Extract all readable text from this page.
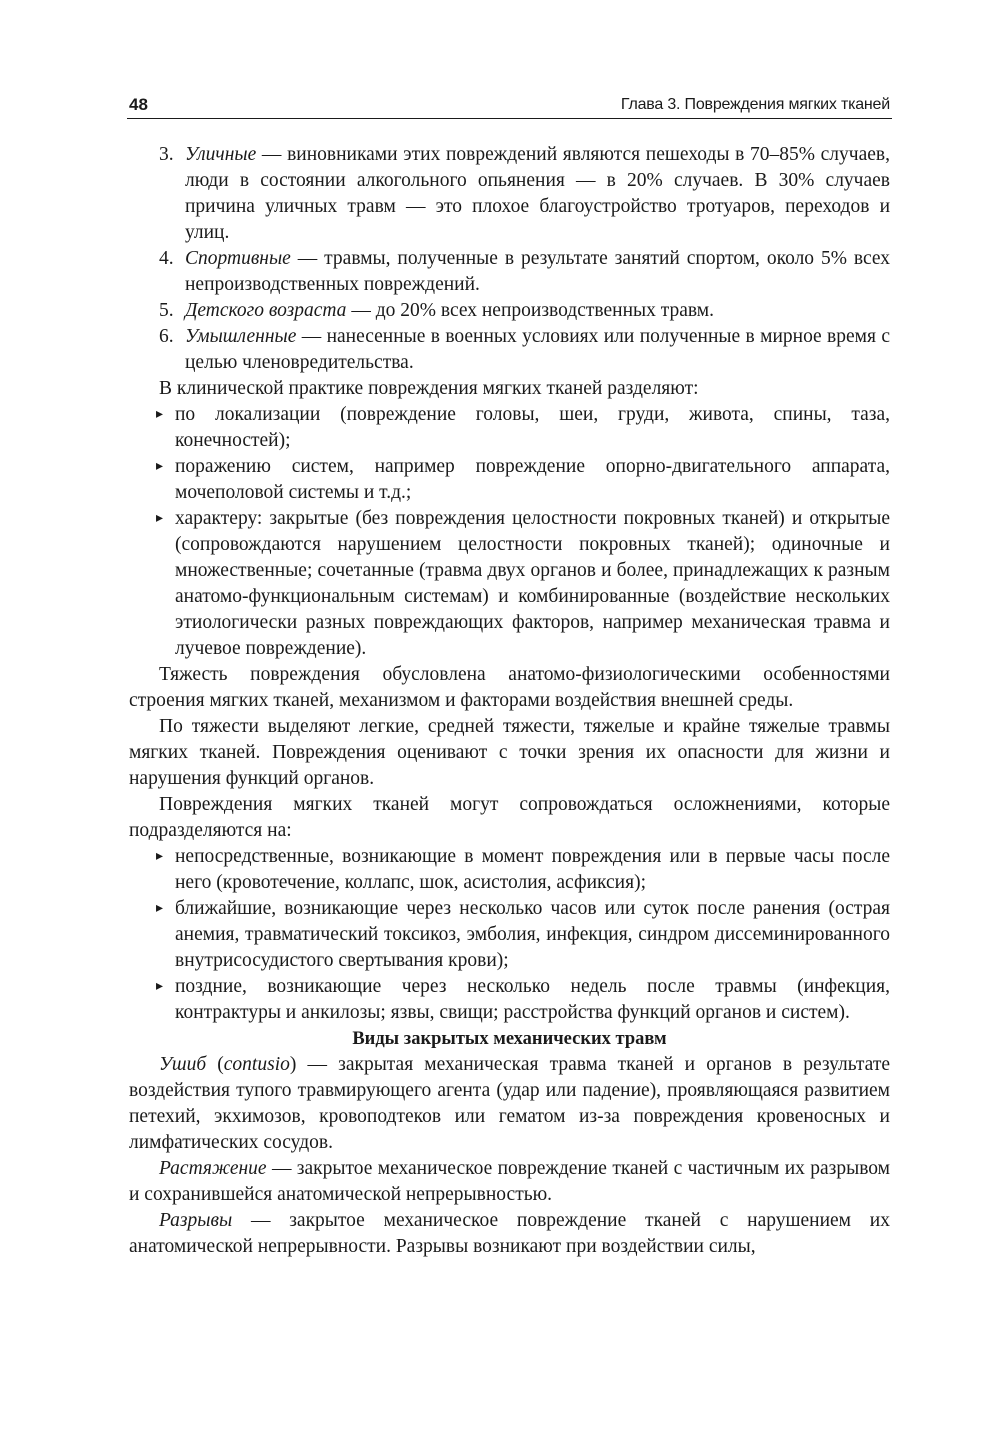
48	Глава 3. Повреждения мягких тканей
3. Уличные — виновниками этих повреждений являются пешеходы в 70–85% случаев, люди в состоянии алкогольного опьянения — в 20% случаев. В 30% случаев причина уличных травм — это плохое благоустройство тротуаров, переходов и улиц.
4. Спортивные — травмы, полученные в результате занятий спортом, около 5% всех непроизводственных повреждений.
5. Детского возраста — до 20% всех непроизводственных травм.
6. Умышленные — нанесенные в военных условиях или полученные в мирное время с целью членовредительства.

В клинической практике повреждения мягких тканей разделяют:

▸ по локализации (повреждение головы, шеи, груди, живота, спины, таза, конечностей);
▸ поражению систем, например повреждение опорно-двигательного аппарата, мочеполовой системы и т.д.;
▸ характеру: закрытые (без повреждения целостности покровных тканей) и открытые (сопровождаются нарушением целостности покровных тканей); одиночные и множественные; сочетанные (травма двух органов и более, принадлежащих к разным анатомо-функциональным системам) и комбинированные (воздействие нескольких этиологически разных повреждающих факторов, например механическая травма и лучевое повреждение).

Тяжесть повреждения обусловлена анатомо-физиологическими особенностями строения мягких тканей, механизмом и факторами воздействия внешней среды.

По тяжести выделяют легкие, средней тяжести, тяжелые и крайне тяжелые травмы мягких тканей. Повреждения оценивают с точки зрения их опасности для жизни и нарушения функций органов.

Повреждения мягких тканей могут сопровождаться осложнениями, которые подразделяются на:

▸ непосредственные, возникающие в момент повреждения или в первые часы после него (кровотечение, коллапс, шок, асистолия, асфиксия);
▸ ближайшие, возникающие через несколько часов или суток после ранения (острая анемия, травматический токсикоз, эмболия, инфекция, синдром диссеминированного внутрисосудистого свертывания крови);
▸ поздние, возникающие через несколько недель после травмы (инфекция, контрактуры и анкилозы; язвы, свищи; расстройства функций органов и систем).

Виды закрытых механических травм

Ушиб (contusio) — закрытая механическая травма тканей и органов в результате воздействия тупого травмирующего агента (удар или падение), проявляющаяся развитием петехий, экхимозов, кровоподтеков или гематом из-за повреждения кровеносных и лимфатических сосудов.

Растяжение — закрытое механическое повреждение тканей с частичным их разрывом и сохранившейся анатомической непрерывностью.

Разрывы — закрытое механическое повреждение тканей с нарушением их анатомической непрерывности. Разрывы возникают при воздействии силы,
